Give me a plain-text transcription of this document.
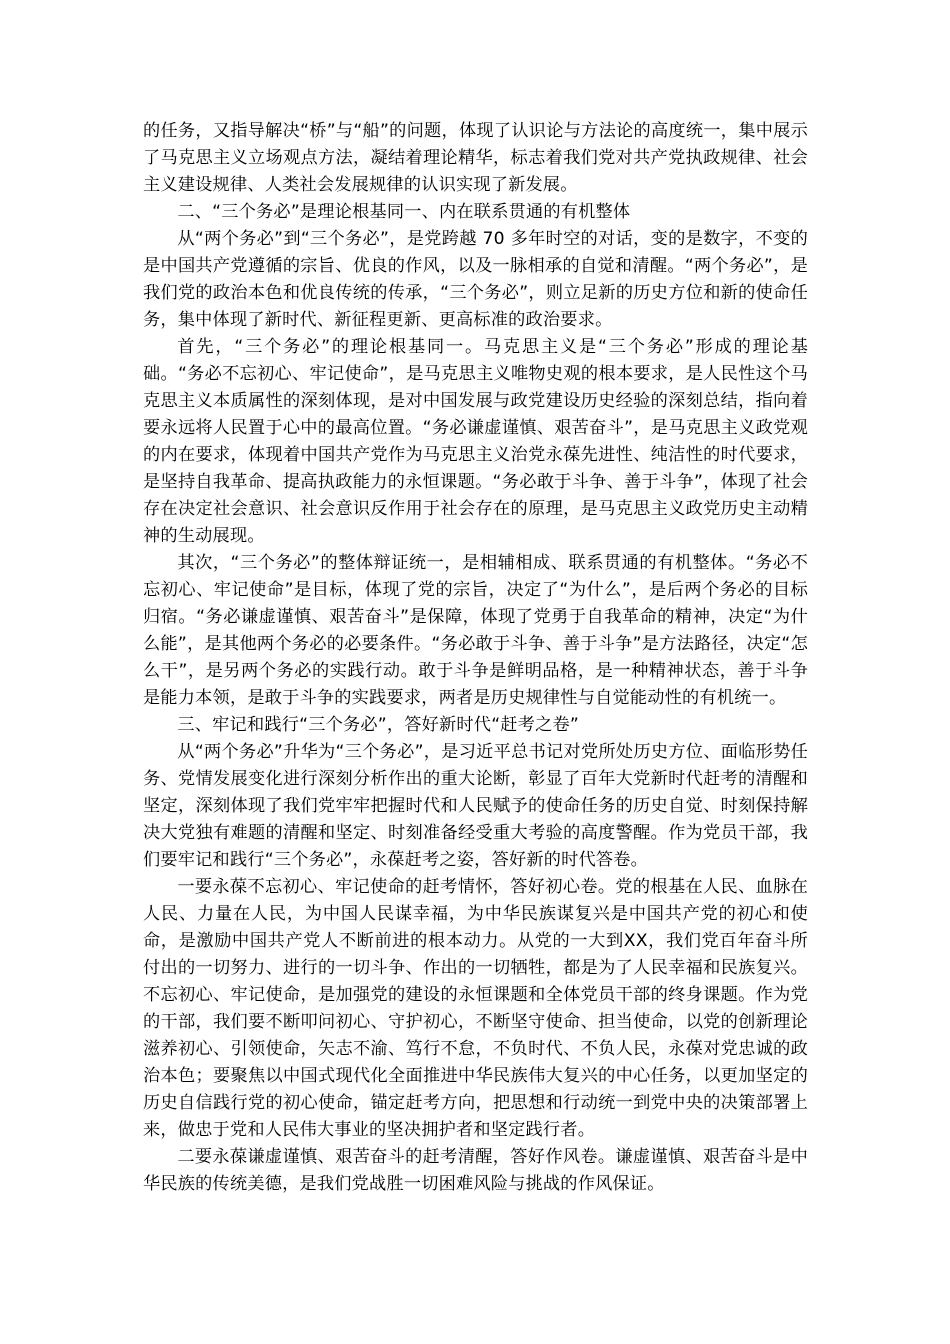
的任务，又指导解决“桥”与“船”的问题，体现了认识论与方法论的高度统一，集中展示了马克思主义立场观点方法，凝结着理论精华，标志着我们党对共产党执政规律、社会主义建设规律、人类社会发展规律的认识实现了新发展。

二、“三个务必”是理论根基同一、内在联系贯通的有机整体

从“两个务必”到“三个务必”，是党跨越 70 多年时空的对话，变的是数字，不变的是中国共产党遵循的宗旨、优良的作风，以及一脉相承的自觉和清醒。“两个务必”，是我们党的政治本色和优良传统的传承，“三个务必”，则立足新的历史方位和新的使命任务，集中体现了新时代、新征程更新、更高标准的政治要求。

首先，“三个务必”的理论根基同一。马克思主义是“三个务必”形成的理论基础。“务必不忘初心、牢记使命”，是马克思主义唯物史观的根本要求，是人民性这个马克思主义本质属性的深刻体现，是对中国发展与政党建设历史经验的深刻总结，指向着要永远将人民置于心中的最高位置。“务必谦虚谨慎、艰苦奋斗”，是马克思主义政党观的内在要求，体现着中国共产党作为马克思主义治党永葆先进性、纯洁性的时代要求，是坚持自我革命、提高执政能力的永恒课题。“务必敢于斗争、善于斗争”，体现了社会存在决定社会意识、社会意识反作用于社会存在的原理，是马克思主义政党历史主动精神的生动展现。

其次，“三个务必”的整体辩证统一，是相辅相成、联系贯通的有机整体。“务必不忘初心、牢记使命”是目标，体现了党的宗旨，决定了“为什么”，是后两个务必的目标归宿。“务必谦虚谨慎、艰苦奋斗”是保障，体现了党勇于自我革命的精神，决定“为什么能”，是其他两个务必的必要条件。“务必敢于斗争、善于斗争”是方法路径，决定“怎么干”，是另两个务必的实践行动。敢于斗争是鲜明品格，是一种精神状态，善于斗争是能力本领，是敢于斗争的实践要求，两者是历史规律性与自觉能动性的有机统一。

三、牢记和践行“三个务必”，答好新时代“赶考之卷”

从“两个务必”升华为“三个务必”，是习近平总书记对党所处历史方位、面临形势任务、党情发展变化进行深刻分析作出的重大论断，彰显了百年大党新时代赶考的清醒和坚定，深刻体现了我们党牢牢把握时代和人民赋予的使命任务的历史自觉、时刻保持解决大党独有难题的清醒和坚定、时刻准备经受重大考验的高度警醒。作为党员干部，我们要牢记和践行“三个务必”，永葆赶考之姿，答好新的时代答卷。

一要永葆不忘初心、牢记使命的赶考情怀，答好初心卷。党的根基在人民、血脉在人民、力量在人民，为中国人民谋幸福，为中华民族谋复兴是中国共产党的初心和使命，是激励中国共产党人不断前进的根本动力。从党的一大到XX，我们党百年奋斗所付出的一切努力、进行的一切斗争、作出的一切牺牲，都是为了人民幸福和民族复兴。不忘初心、牢记使命，是加强党的建设的永恒课题和全体党员干部的终身课题。作为党的干部，我们要不断叩问初心、守护初心，不断坚守使命、担当使命，以党的创新理论滋养初心、引领使命，矢志不渝、笃行不怠，不负时代、不负人民，永葆对党忠诚的政治本色；要聚焦以中国式现代化全面推进中华民族伟大复兴的中心任务，以更加坚定的历史自信践行党的初心使命，锚定赶考方向，把思想和行动统一到党中央的决策部署上来，做忠于党和人民伟大事业的坚决拥护者和坚定践行者。

二要永葆谦虚谨慎、艰苦奋斗的赶考清醒，答好作风卷。谦虚谨慎、艰苦奋斗是中华民族的传统美德，是我们党战胜一切困难风险与挑战的作风保证。
